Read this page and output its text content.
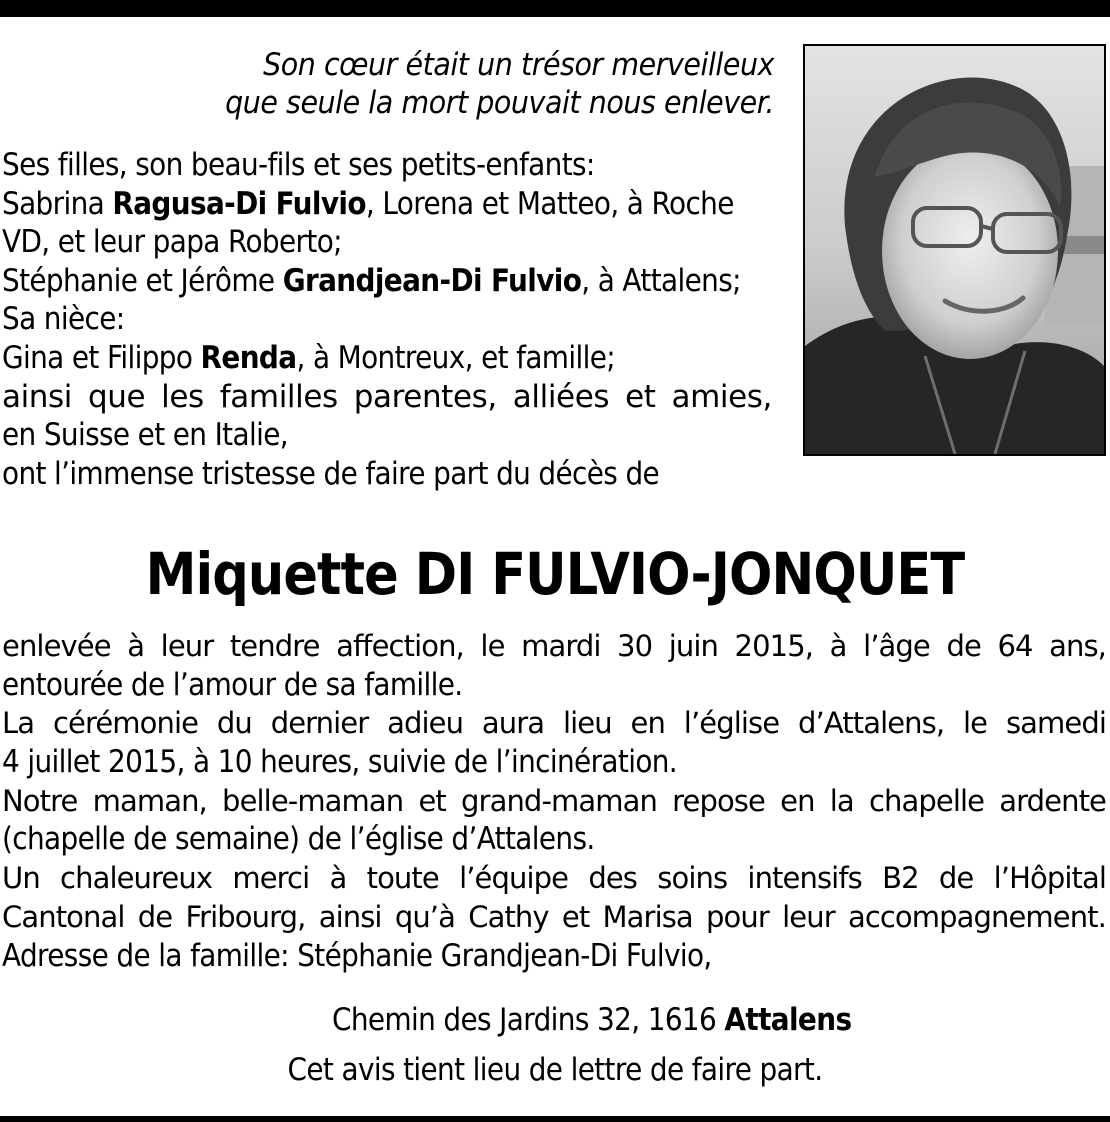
Son cœur était un trésor merveilleux
que seule la mort pouvait nous enlever.
Ses filles, son beau-fils et ses petits-enfants:
Sabrina Ragusa-Di Fulvio, Lorena et Matteo, à Roche
VD, et leur papa Roberto;
Stéphanie et Jérôme Grandjean-Di Fulvio, à Attalens;
Sa nièce:
Gina et Filippo Renda, à Montreux, et famille;
ainsi que les familles parentes, alliées et amies,
en Suisse et en Italie,
ont l’immense tristesse de faire part du décès de
Miquette DI FULVIO-JONQUET
enlevée à leur tendre affection, le mardi 30 juin 2015, à l’âge de 64 ans,
entourée de l’amour de sa famille.
La cérémonie du dernier adieu aura lieu en l’église d’Attalens, le samedi
4 juillet 2015, à 10 heures, suivie de l’incinération.
Notre maman, belle-maman et grand-maman repose en la chapelle ardente
(chapelle de semaine) de l’église d’Attalens.
Un chaleureux merci à toute l’équipe des soins intensifs B2 de l’Hôpital
Cantonal de Fribourg, ainsi qu’à Cathy et Marisa pour leur accompagnement.
Adresse de la famille: Stéphanie Grandjean-Di Fulvio,
Chemin des Jardins 32, 1616 Attalens
Cet avis tient lieu de lettre de faire part.
